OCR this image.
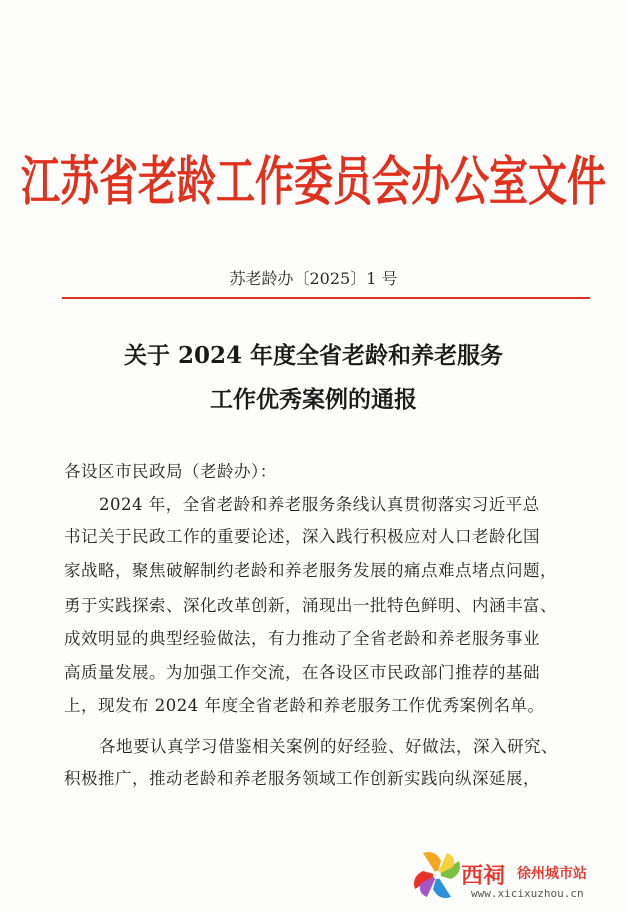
江苏省老龄工作委员会办公室文件
苏老龄办〔2025〕1 号
关于 2024 年度全省老龄和养老服务
工作优秀案例的通报
各设区市民政局（老龄办）：
2024 年，全省老龄和养老服务条线认真贯彻落实习近平总
书记关于民政工作的重要论述，深入践行积极应对人口老龄化国
家战略，聚焦破解制约老龄和养老服务发展的痛点难点堵点问题，
勇于实践探索、深化改革创新，涌现出一批特色鲜明、内涵丰富、
成效明显的典型经验做法，有力推动了全省老龄和养老服务事业
高质量发展。为加强工作交流，在各设区市民政部门推荐的基础
上，现发布 2024 年度全省老龄和养老服务工作优秀案例名单。
各地要认真学习借鉴相关案例的好经验、好做法，深入研究、
积极推广，推动老龄和养老服务领域工作创新实践向纵深延展，
西祠 徐州城市站
www.xicixuzhou.cn
